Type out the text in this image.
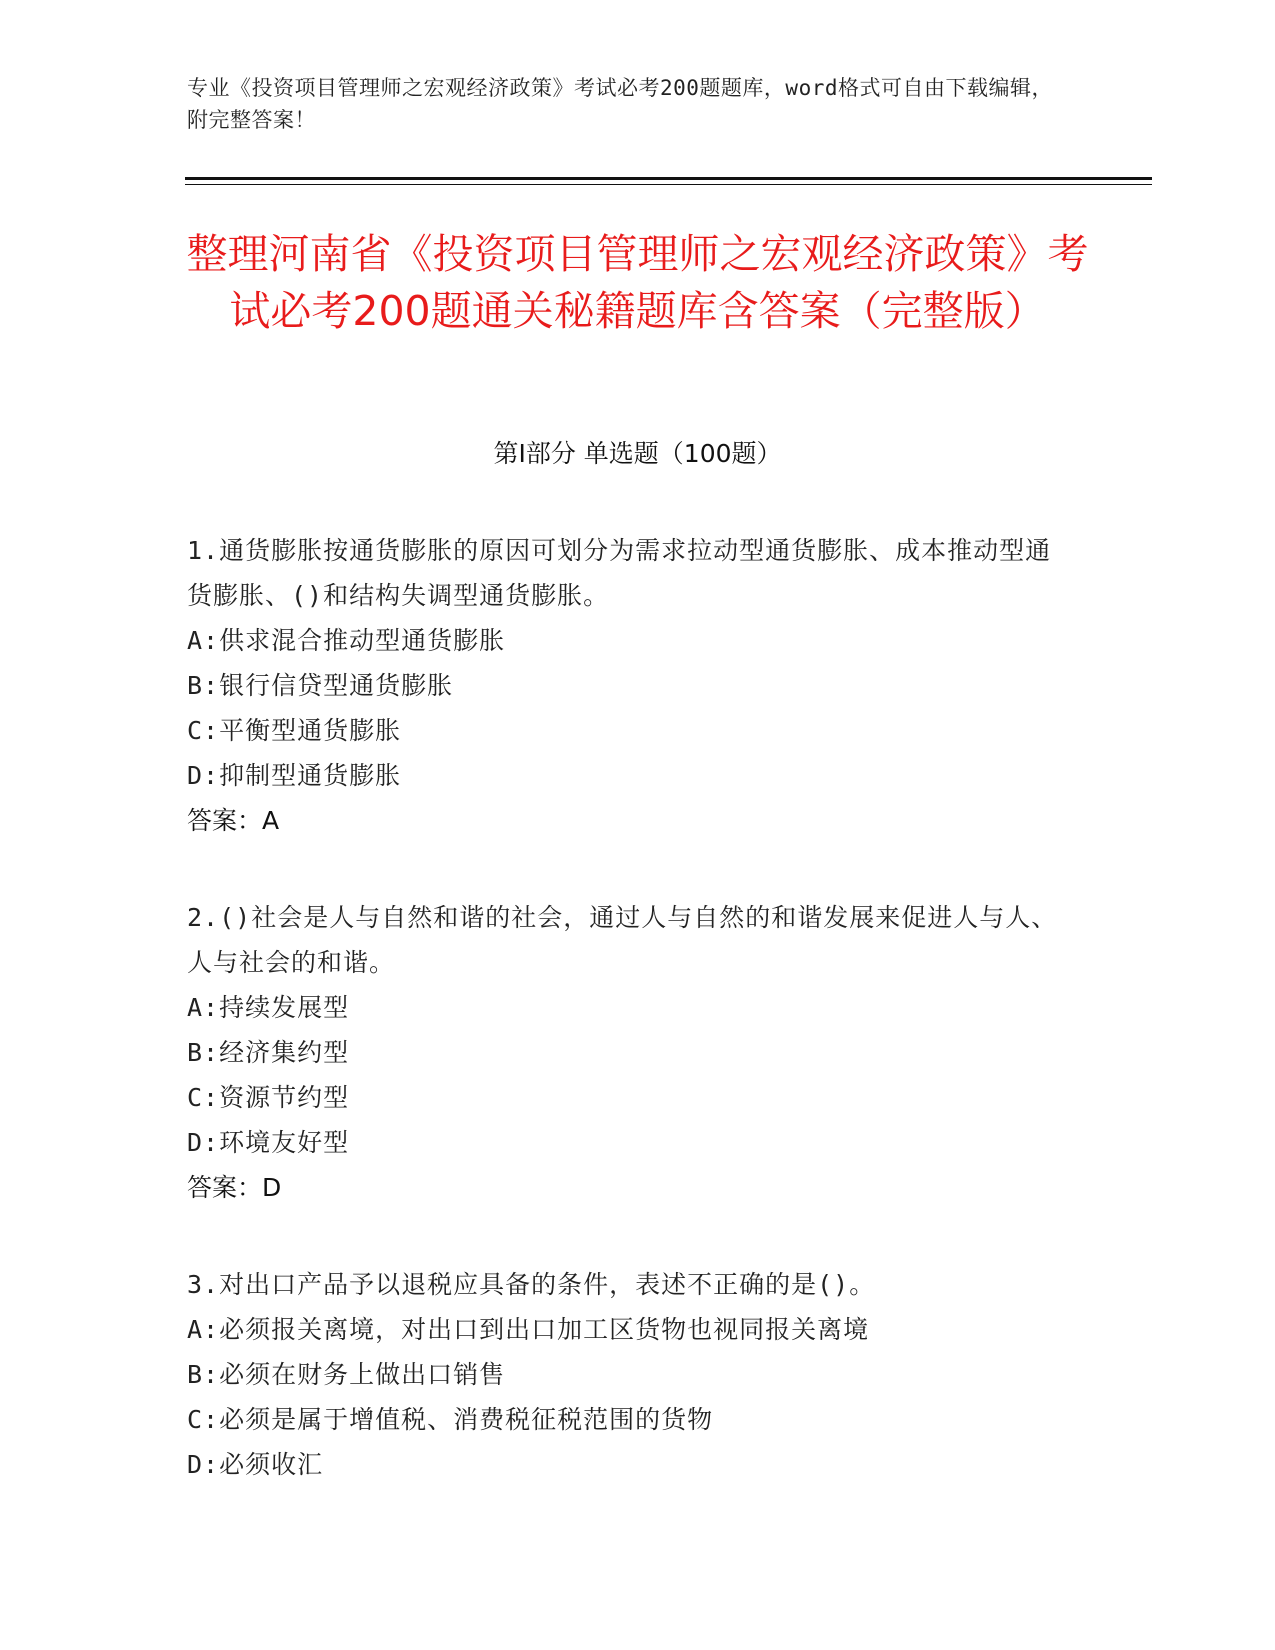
专业《投资项目管理师之宏观经济政策》考试必考200题题库，word格式可自由下载编辑，附完整答案！
整理河南省《投资项目管理师之宏观经济政策》考试必考200题通关秘籍题库含答案（完整版）
第Ⅰ部分 单选题（100题）
1.通货膨胀按通货膨胀的原因可划分为需求拉动型通货膨胀、成本推动型通货膨胀、()和结构失调型通货膨胀。
A:供求混合推动型通货膨胀
B:银行信贷型通货膨胀
C:平衡型通货膨胀
D:抑制型通货膨胀
答案：A
2.()社会是人与自然和谐的社会，通过人与自然的和谐发展来促进人与人、人与社会的和谐。
A:持续发展型
B:经济集约型
C:资源节约型
D:环境友好型
答案：D
3.对出口产品予以退税应具备的条件，表述不正确的是()。
A:必须报关离境，对出口到出口加工区货物也视同报关离境
B:必须在财务上做出口销售
C:必须是属于增值税、消费税征税范围的货物
D:必须收汇
